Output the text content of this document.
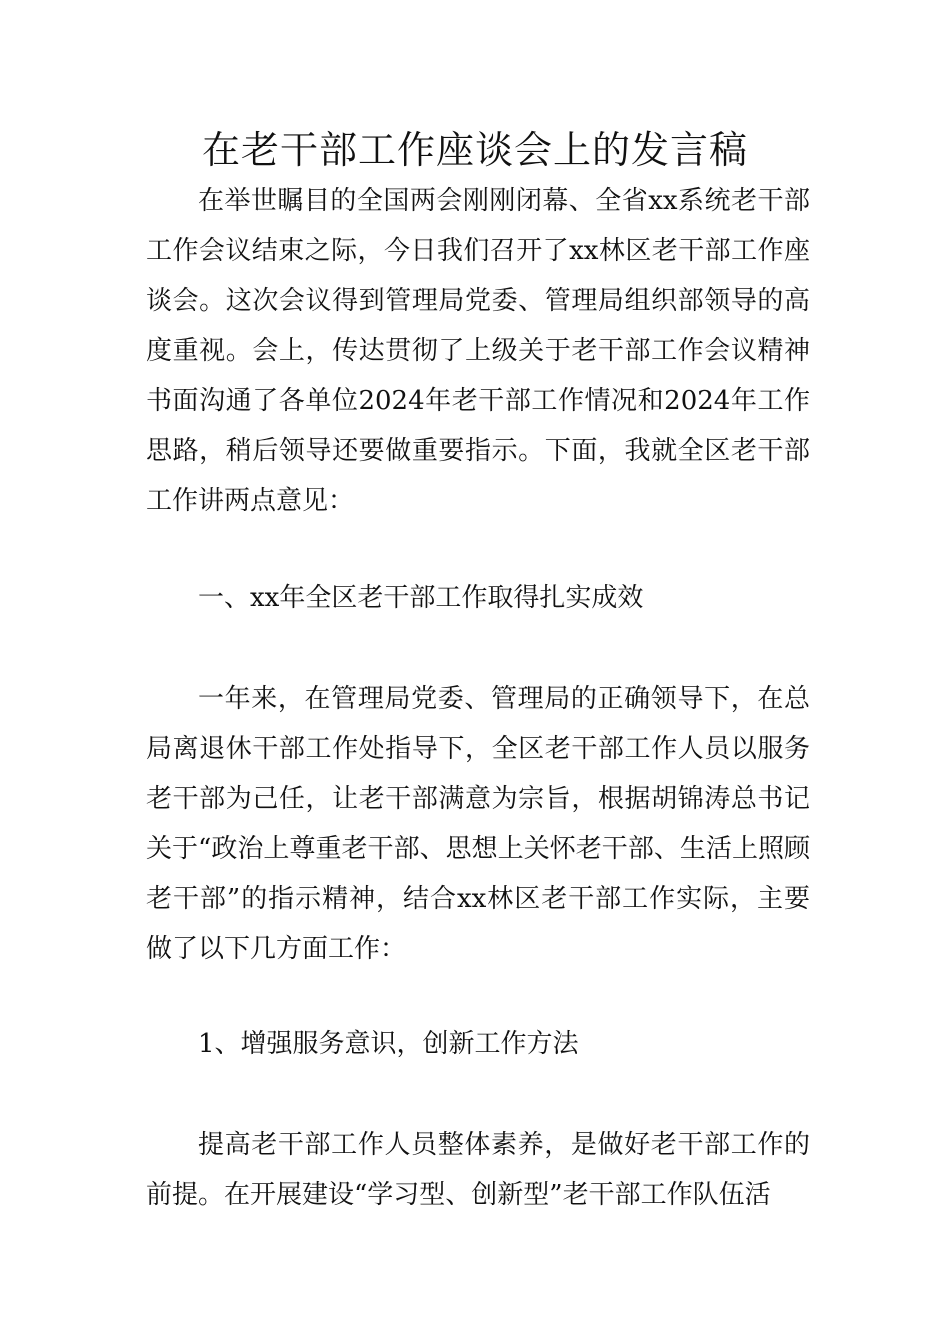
在老干部工作座谈会上的发言稿

在举世瞩目的全国两会刚刚闭幕、全省xx系统老干部工作会议结束之际，今日我们召开了xx林区老干部工作座谈会。这次会议得到管理局党委、管理局组织部领导的高度重视。会上，传达贯彻了上级关于老干部工作会议精神书面沟通了各单位2024年老干部工作情况和2024年工作思路，稍后领导还要做重要指示。下面，我就全区老干部工作讲两点意见：

一、xx年全区老干部工作取得扎实成效

一年来，在管理局党委、管理局的正确领导下，在总局离退休干部工作处指导下，全区老干部工作人员以服务老干部为己任，让老干部满意为宗旨，根据胡锦涛总书记关于“政治上尊重老干部、思想上关怀老干部、生活上照顾老干部”的指示精神，结合xx林区老干部工作实际，主要做了以下几方面工作：

1、增强服务意识，创新工作方法

提高老干部工作人员整体素养，是做好老干部工作的前提。在开展建设“学习型、创新型”老干部工作队伍活
